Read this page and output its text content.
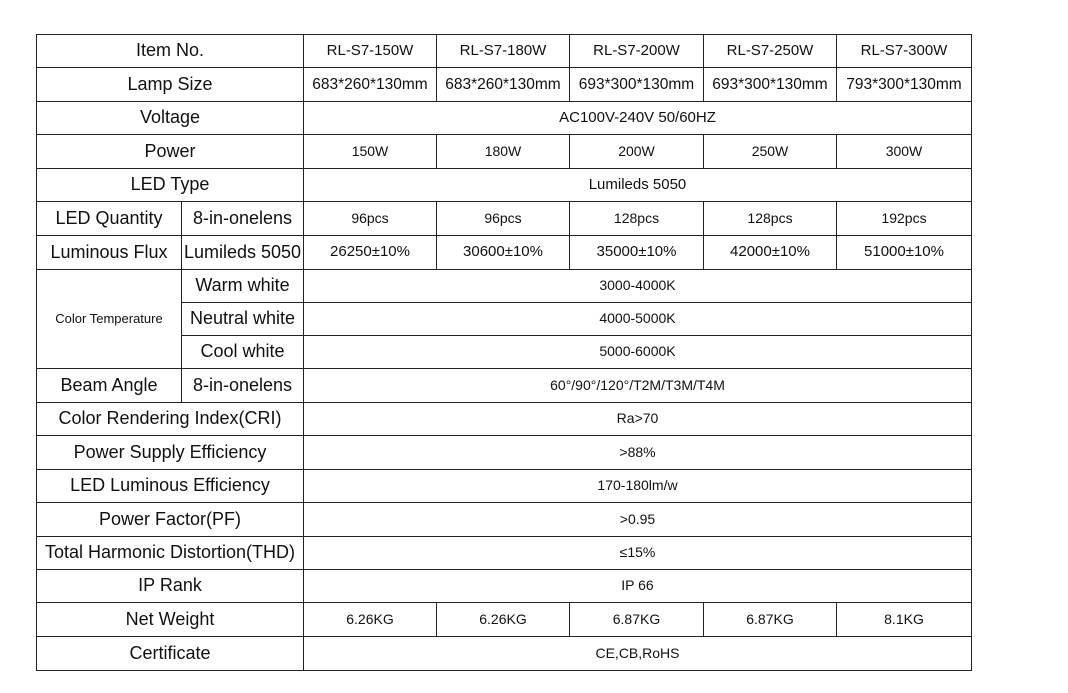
Item No.		RL-S7-150W	RL-S7-180W	RL-S7-200W	RL-S7-250W	RL-S7-300W
Lamp Size		683*260*130mm	683*260*130mm	693*300*130mm	693*300*130mm	793*300*130mm
Voltage		AC100V-240V 50/60HZ				
Power		150W	180W	200W	250W	300W
LED Type		Lumileds 5050				
LED Quantity	8-in-onelens	96pcs	96pcs	128pcs	128pcs	192pcs
Luminous Flux	Lumileds 5050	26250±10%	30600±10%	35000±10%	42000±10%	51000±10%
Color Temperature	Warm white	3000-4000K				
	Neutral white	4000-5000K				
	Cool white	5000-6000K				
Beam Angle	8-in-onelens	60°/90°/120°/T2M/T3M/T4M				
Color Rendering Index(CRI)		Ra>70				
Power Supply Efficiency		>88%				
LED Luminous Efficiency		170-180lm/w				
Power Factor(PF)		>0.95				
Total Harmonic Distortion(THD)		≤15%				
IP Rank		IP 66				
Net Weight		6.26KG	6.26KG	6.87KG	6.87KG	8.1KG
Certificate		CE,CB,RoHS				
